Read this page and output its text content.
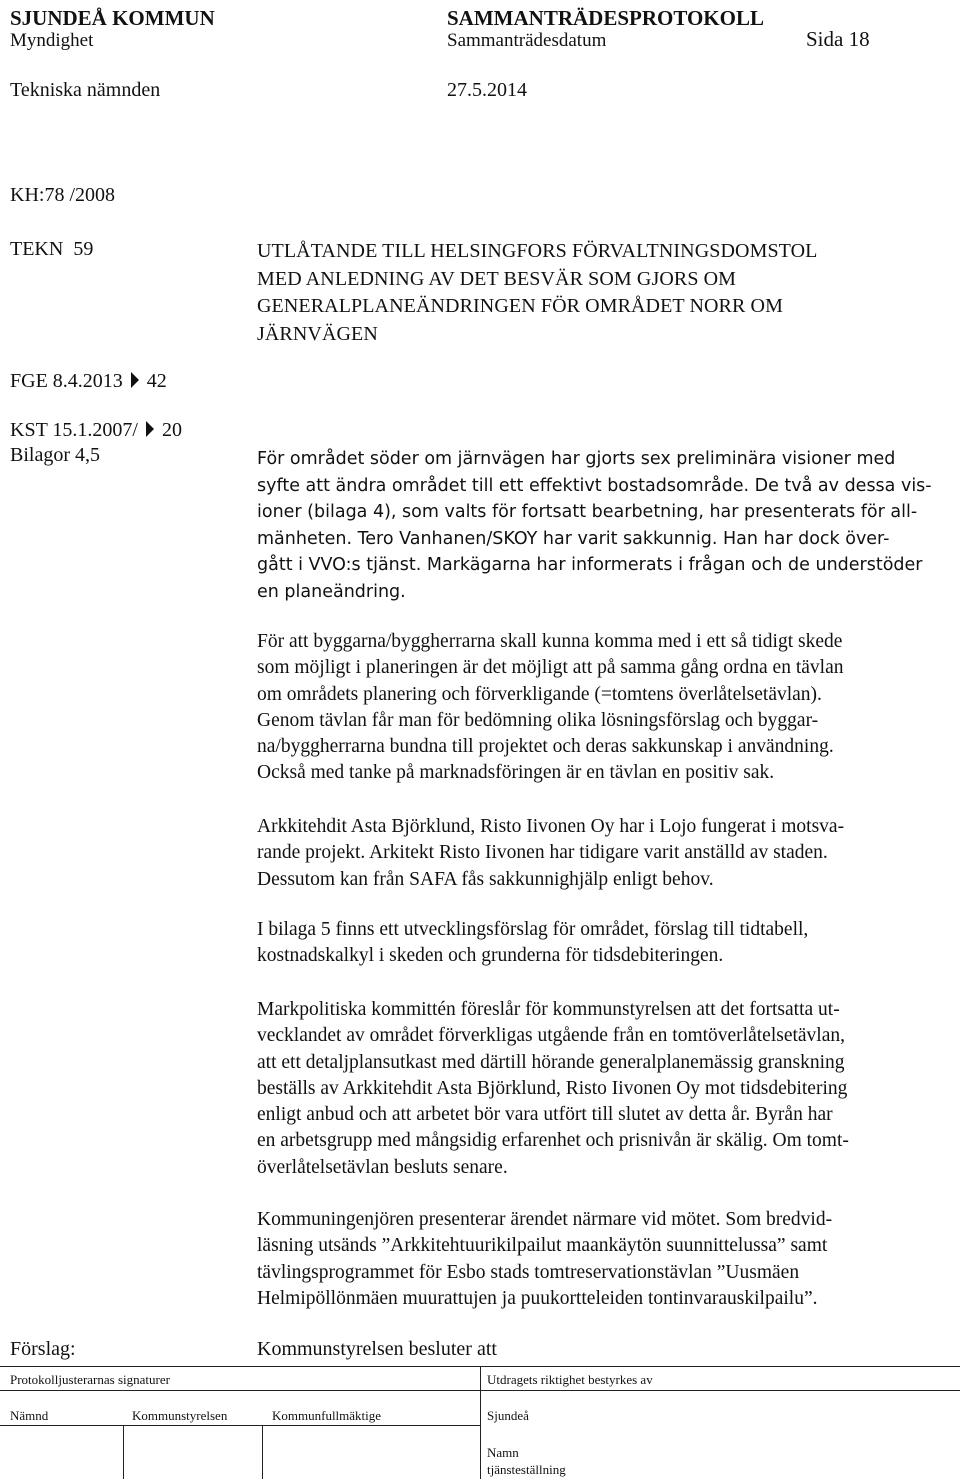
SJUNDEÅ KOMMUN	SAMMANTRÄDESPROTOKOLL
Myndighet	Sammanträdesdatum	Sida 18
Tekniska nämnden	27.5.2014
KH:78 /2008
TEKN  59
FGE 8.4.2013 42
KST 15.1.2007/ 20
Bilagor 4,5
UTLÅTANDE TILL HELSINGFORS FÖRVALTNINGSDOMSTOL
MED ANLEDNING AV DET BESVÄR SOM GJORS OM
GENERALPLANEÄNDRINGEN FÖR OMRÅDET NORR OM
JÄRNVÄGEN
För området söder om järnvägen har gjorts sex preliminära visioner med
syfte att ändra området till ett effektivt bostadsområde. De två av dessa vis-
ioner (bilaga 4), som valts för fortsatt bearbetning, har presenterats för all-
mänheten. Tero Vanhanen/SKOY har varit sakkunnig. Han har dock över-
gått i VVO:s tjänst. Markägarna har informerats i frågan och de understöder
en planeändring.
För att byggarna/byggherrarna skall kunna komma med i ett så tidigt skede
som möjligt i planeringen är det möjligt att på samma gång ordna en tävlan
om områdets planering och förverkligande (=tomtens överlåtelsetävlan).
Genom tävlan får man för bedömning olika lösningsförslag och byggar-
na/byggherrarna bundna till projektet och deras sakkunskap i användning.
Också med tanke på marknadsföringen är en tävlan en positiv sak.
Arkkitehdit Asta Björklund, Risto Iivonen Oy har i Lojo fungerat i motsva-
rande projekt. Arkitekt Risto Iivonen har tidigare varit anställd av staden.
Dessutom kan från SAFA fås sakkunnighjälp enligt behov.
I bilaga 5 finns ett utvecklingsförslag för området, förslag till tidtabell,
kostnadskalkyl i skeden och grunderna för tidsdebiteringen.
Markpolitiska kommittén föreslår för kommunstyrelsen att det fortsatta ut-
vecklandet av området förverkligas utgående från en tomtöverlåtelsetävlan,
att ett detaljplansutkast med därtill hörande generalplanemässig granskning
beställs av Arkkitehdit Asta Björklund, Risto Iivonen Oy mot tidsdebitering
enligt anbud och att arbetet bör vara utfört till slutet av detta år. Byrån har
en arbetsgrupp med mångsidig erfarenhet och prisnivån är skälig. Om tomt-
överlåtelsetävlan besluts senare.
Kommuningenjören presenterar ärendet närmare vid mötet. Som bredvid-
läsning utsänds ”Arkkitehtuurikilpailut maankäytön suunnittelussa” samt
tävlingsprogrammet för Esbo stads tomtreservationstävlan ”Uusmäen
Helmipöllönmäen muurattujen ja puukortteleiden tontinvarauskilpailu”.
Förslag:	Kommunstyrelsen besluter att
Protokolljusterarnas signaturer	Utdragets riktighet bestyrkes av
Nämnd	Kommunstyrelsen	Kommunfullmäktige	Sjundeå
Namn
tjänsteställning
